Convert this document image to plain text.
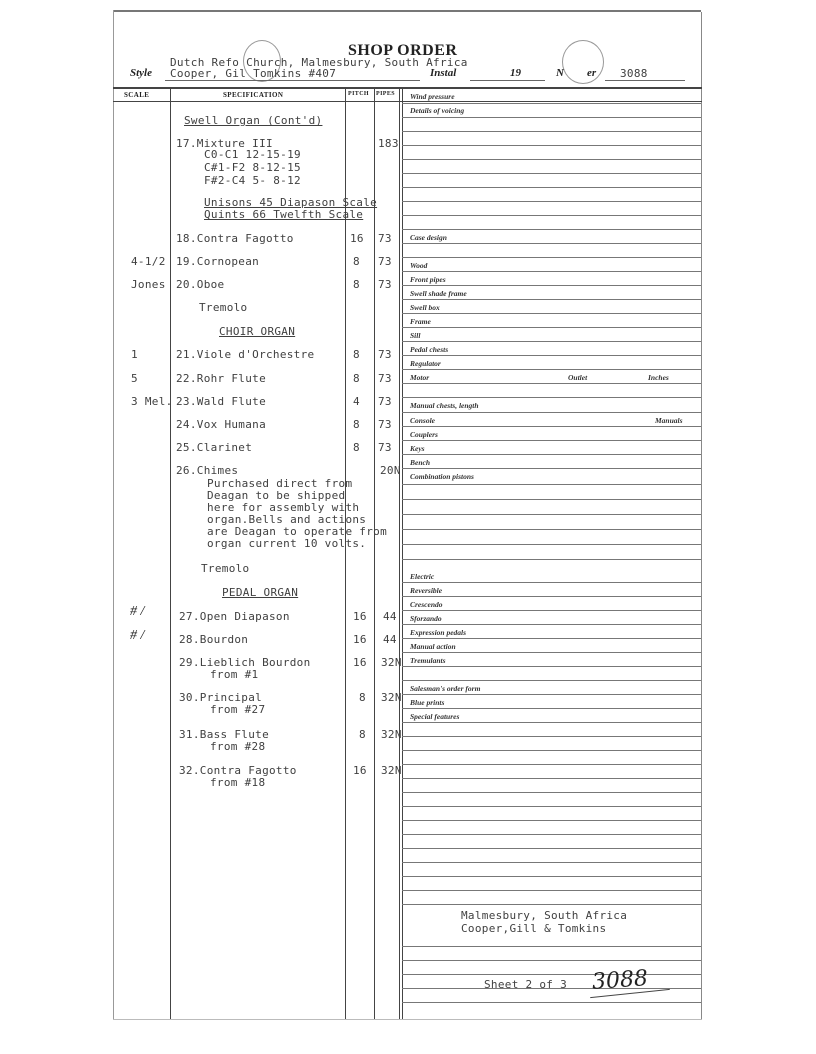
SHOP ORDER
Dutch Refo Church, Malmesbury, South Africa
Style Cooper, Gil Tomkins #407	Instal	19	N er 3088
SCALE	SPECIFICATION	PITCH PIPES
Swell Organ (Cont'd)
17.Mixture III	183
C0-C1 12-15-19
C#1-F2 8-12-15
F#2-C4 5- 8-12
Unisons 45 Diapason Scale
Quints 66 Twelfth Scale
18.Contra Fagotto	16 73
4-1/2 19.Cornopean	8 73
Jones 20.Oboe	8 73
Tremolo
CHOIR ORGAN
1	21.Viole d'Orchestre	8 73
5	22.Rohr Flute	8 73
3 Mel. 23.Wald Flute	4 73
24.Vox Humana	8 73
25.Clarinet	8 73
26.Chimes	20N
Purchased direct from
Deagan to be shipped
here for assembly with
organ.Bells and actions
are Deagan to operate from
organ current 10 volts.
Tremolo
PEDAL ORGAN
# /	27.Open Diapason	16 44
# /	28.Bourdon	16 44
29.Lieblich Bourdon	16 32N
from #1
30.Principal	8 32N
from #27
31.Bass Flute	8 32N
from #28
32.Contra Fagotto	16 32N
from #18
Wind pressure
Details of voicing
Case design
Wood
Front pipes
Swell shade frame
Swell box
Frame
Sill
Pedal chests
Regulator
Motor	Outlet	Inches
Manual chests, length
Console	Manuals
Couplers
Keys
Bench
Combination pistons
Electric
Reversible
Crescendo
Sforzando
Expression pedals
Manual action
Tremulants
Salesman's order form
Blue prints
Special features
Malmesbury, South Africa
Cooper,Gill & Tomkins
Sheet 2 of 3 3088
